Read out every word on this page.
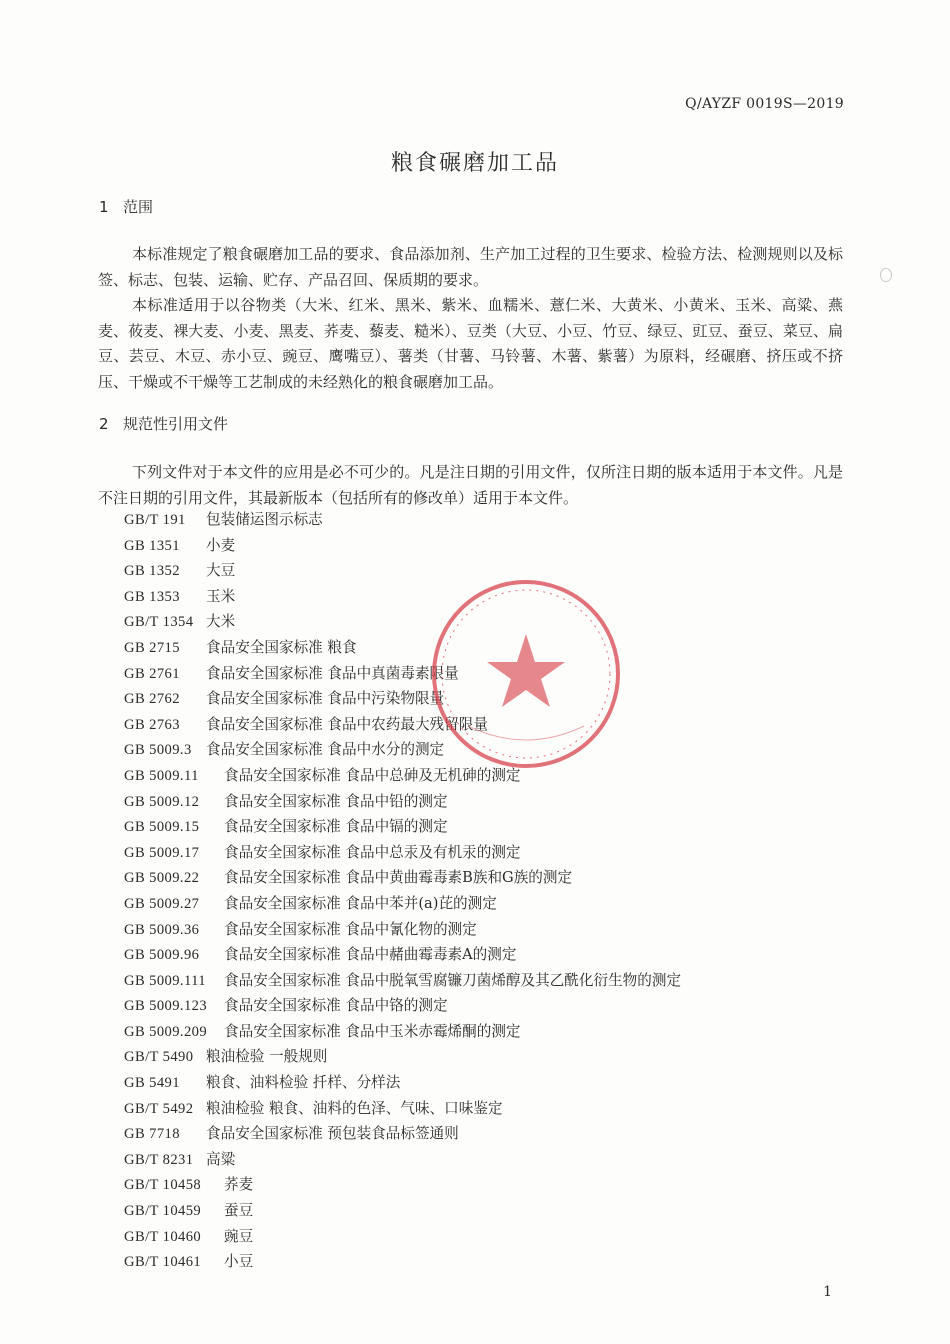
Q/AYZF 0019S—2019
粮食碾磨加工品
1 范围
本标准规定了粮食碾磨加工品的要求、食品添加剂、生产加工过程的卫生要求、检验方法、检测规则以及标签、标志、包装、运输、贮存、产品召回、保质期的要求。
本标准适用于以谷物类（大米、红米、黑米、紫米、血糯米、薏仁米、大黄米、小黄米、玉米、高粱、燕麦、莜麦、裸大麦、小麦、黑麦、荞麦、藜麦、糙米）、豆类（大豆、小豆、竹豆、绿豆、豇豆、蚕豆、菜豆、扁豆、芸豆、木豆、赤小豆、豌豆、鹰嘴豆）、薯类（甘薯、马铃薯、木薯、紫薯）为原料，经碾磨、挤压或不挤压、干燥或不干燥等工艺制成的未经熟化的粮食碾磨加工品。
2 规范性引用文件
下列文件对于本文件的应用是必不可少的。凡是注日期的引用文件，仅所注日期的版本适用于本文件。凡是不注日期的引用文件，其最新版本（包括所有的修改单）适用于本文件。
GB/T 191 包装储运图示标志
GB 1351 小麦
GB 1352 大豆
GB 1353 玉米
GB/T 1354 大米
GB 2715 食品安全国家标准 粮食
GB 2761 食品安全国家标准 食品中真菌毒素限量
GB 2762 食品安全国家标准 食品中污染物限量
GB 2763 食品安全国家标准 食品中农药最大残留限量
GB 5009.3 食品安全国家标准 食品中水分的测定
GB 5009.11 食品安全国家标准 食品中总砷及无机砷的测定
GB 5009.12 食品安全国家标准 食品中铅的测定
GB 5009.15 食品安全国家标准 食品中镉的测定
GB 5009.17 食品安全国家标准 食品中总汞及有机汞的测定
GB 5009.22 食品安全国家标准 食品中黄曲霉毒素B族和G族的测定
GB 5009.27 食品安全国家标准 食品中苯并(a)芘的测定
GB 5009.36 食品安全国家标准 食品中氰化物的测定
GB 5009.96 食品安全国家标准 食品中赭曲霉毒素A的测定
GB 5009.111 食品安全国家标准 食品中脱氧雪腐镰刀菌烯醇及其乙酰化衍生物的测定
GB 5009.123 食品安全国家标准 食品中铬的测定
GB 5009.209 食品安全国家标准 食品中玉米赤霉烯酮的测定
GB/T 5490 粮油检验 一般规则
GB 5491 粮食、油料检验 扦样、分样法
GB/T 5492 粮油检验 粮食、油料的色泽、气味、口味鉴定
GB 7718 食品安全国家标准 预包装食品标签通则
GB/T 8231 高粱
GB/T 10458 荞麦
GB/T 10459 蚕豆
GB/T 10460 豌豆
GB/T 10461 小豆
1
